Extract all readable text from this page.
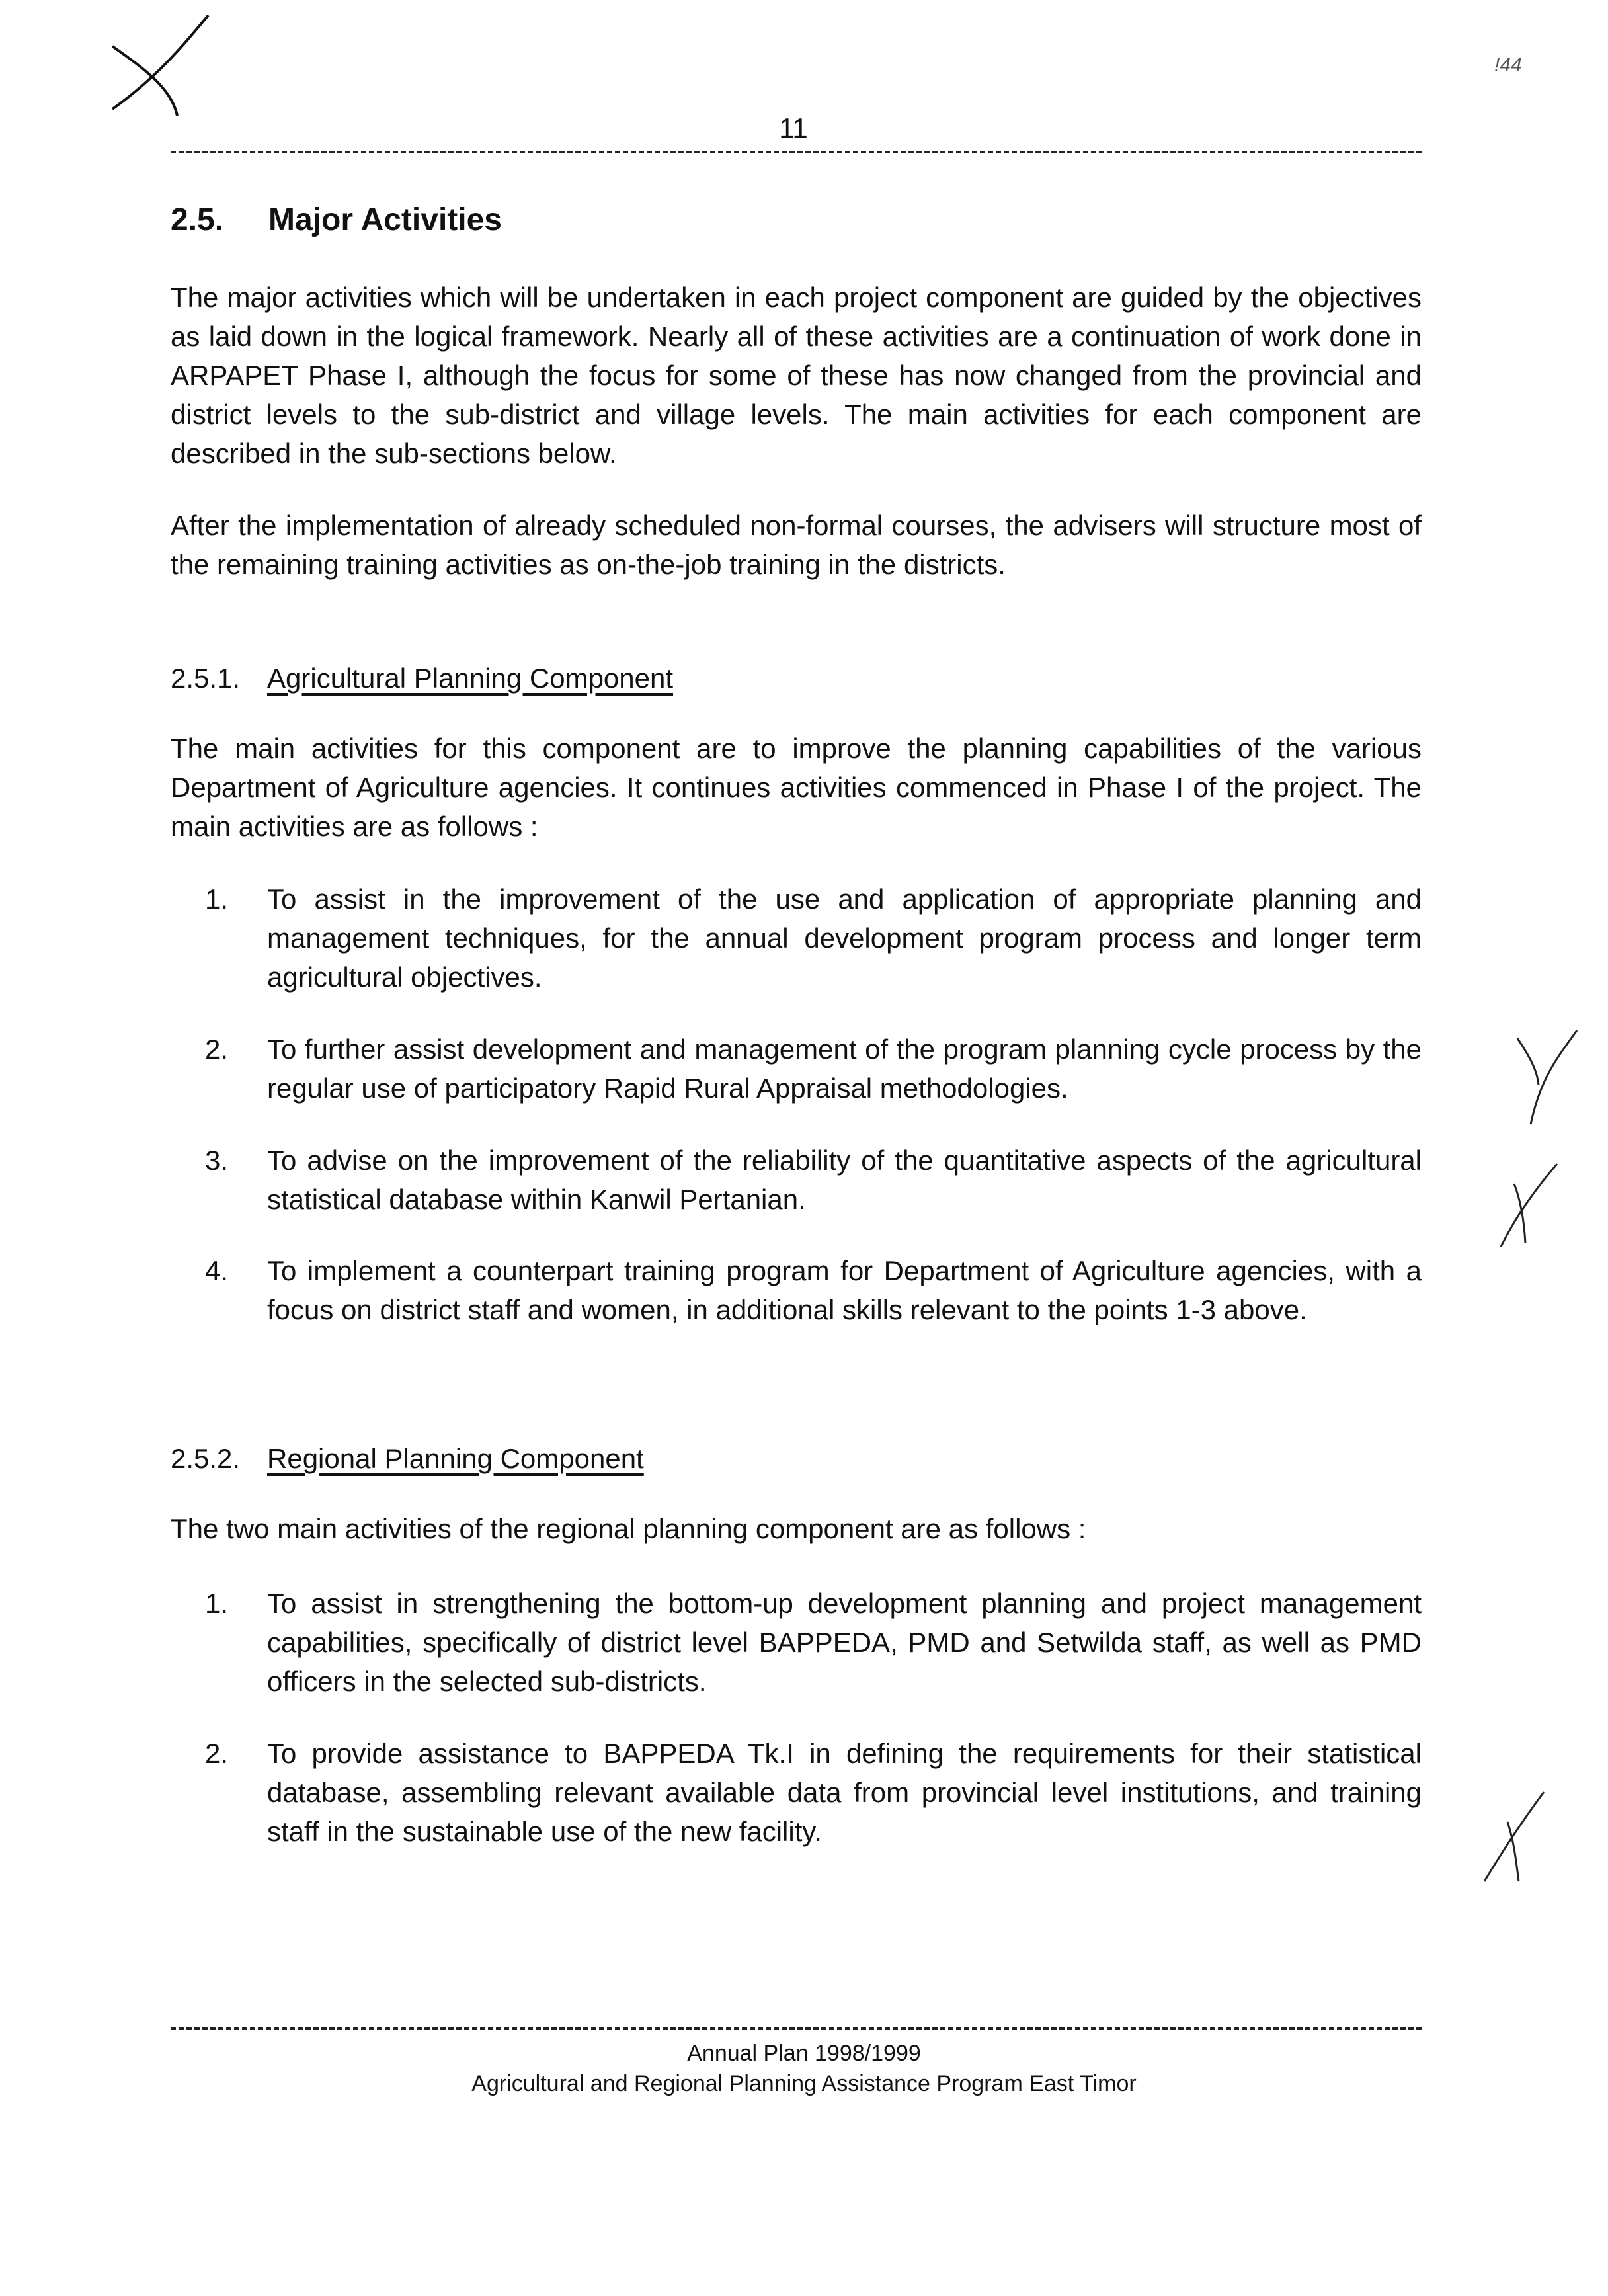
!44
11
2.5. Major Activities

The major activities which will be undertaken in each project component are guided by the objectives as laid down in the logical framework. Nearly all of these activities are a continuation of work done in ARPAPET Phase I, although the focus for some of these has now changed from the provincial and district levels to the sub-district and village levels. The main activities for each component are described in the sub-sections below.

After the implementation of already scheduled non-formal courses, the advisers will structure most of the remaining training activities as on-the-job training in the districts.

2.5.1. Agricultural Planning Component

The main activities for this component are to improve the planning capabilities of the various Department of Agriculture agencies. It continues activities commenced in Phase I of the project. The main activities are as follows :

1.	To assist in the improvement of the use and application of appropriate planning and management techniques, for the annual development program process and longer term agricultural objectives.
2.	To further assist development and management of the program planning cycle process by the regular use of participatory Rapid Rural Appraisal methodologies.
3.	To advise on the improvement of the reliability of the quantitative aspects of the agricultural statistical database within Kanwil Pertanian.
4.	To implement a counterpart training program for Department of Agriculture agencies, with a focus on district staff and women, in additional skills relevant to the points 1-3 above.
2.5.2. Regional Planning Component

The two main activities of the regional planning component are as follows :

1.	To assist in strengthening the bottom-up development planning and project management capabilities, specifically of district level BAPPEDA, PMD and Setwilda staff, as well as PMD officers in the selected sub-districts.
2.	To provide assistance to BAPPEDA Tk.I in defining the requirements for their statistical database, assembling relevant available data from provincial level institutions, and training staff in the sustainable use of the new facility.
Annual Plan 1998/1999
Agricultural and Regional Planning Assistance Program East Timor
